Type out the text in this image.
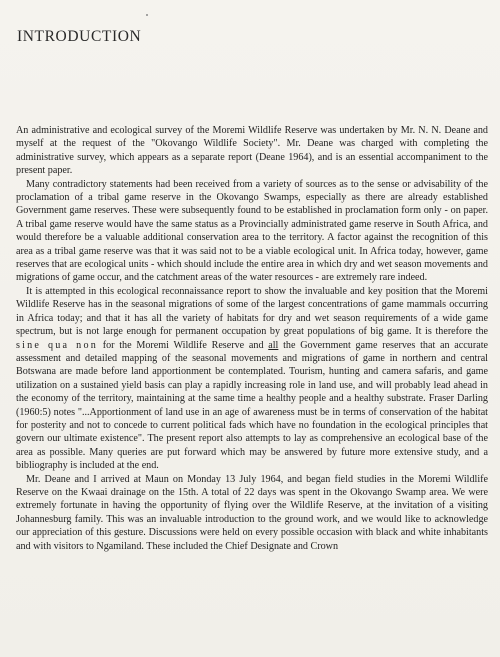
INTRODUCTION

An administrative and ecological survey of the Moremi Wildlife Reserve was undertaken by Mr. N. N. Deane and myself at the request of the "Okovango Wildlife Society". Mr. Deane was charged with completing the administrative survey, which appears as a separate report (Deane 1964), and is an essential accompaniment to the present paper.

Many contradictory statements had been received from a variety of sources as to the sense or advisability of the proclamation of a tribal game reserve in the Okovango Swamps, especially as there are already established Government game reserves. These were subsequently found to be established in proclamation form only - on paper. A tribal game reserve would have the same status as a Provincially administrated game reserve in South Africa, and would therefore be a valuable additional conservation area to the territory. A factor against the recognition of this area as a tribal game reserve was that it was said not to be a viable ecological unit. In Africa today, however, game reserves that are ecological units - which should include the entire area in which dry and wet season movements and migrations of game occur, and the catchment areas of the water resources - are extremely rare indeed.

It is attempted in this ecological reconnaissance report to show the invaluable and key position that the Moremi Wildlife Reserve has in the seasonal migrations of some of the largest concentrations of game mammals occurring in Africa today; and that it has all the variety of habitats for dry and wet season requirements of a wide game spectrum, but is not large enough for permanent occupation by great populations of big game. It is therefore the sine qua non for the Moremi Wildlife Reserve and all the Government game reserves that an accurate assessment and detailed mapping of the seasonal movements and migrations of game in northern and central Botswana are made before land apportionment be contemplated. Tourism, hunting and camera safaris, and game utilization on a sustained yield basis can play a rapidly increasing role in land use, and will probably lead ahead in the economy of the territory, maintaining at the same time a healthy people and a healthy substrate. Fraser Darling (1960:5) notes "...Apportionment of land use in an age of awareness must be in terms of conservation of the habitat for posterity and not to concede to current political fads which have no foundation in the ecological principles that govern our ultimate existence". The present report also attempts to lay as comprehensive an ecological base of the area as possible. Many queries are put forward which may be answered by future more extensive study, and a bibliography is included at the end.

Mr. Deane and I arrived at Maun on Monday 13 July 1964, and began field studies in the Moremi Wildlife Reserve on the Kwaai drainage on the 15th. A total of 22 days was spent in the Okovango Swamp area. We were extremely fortunate in having the opportunity of flying over the Wildlife Reserve, at the invitation of a visiting Johannesburg family. This was an invaluable introduction to the ground work, and we would like to acknowledge our appreciation of this gesture. Discussions were held on every possible occasion with black and white inhabitants and with visitors to Ngamiland. These included the Chief Designate and Crown
